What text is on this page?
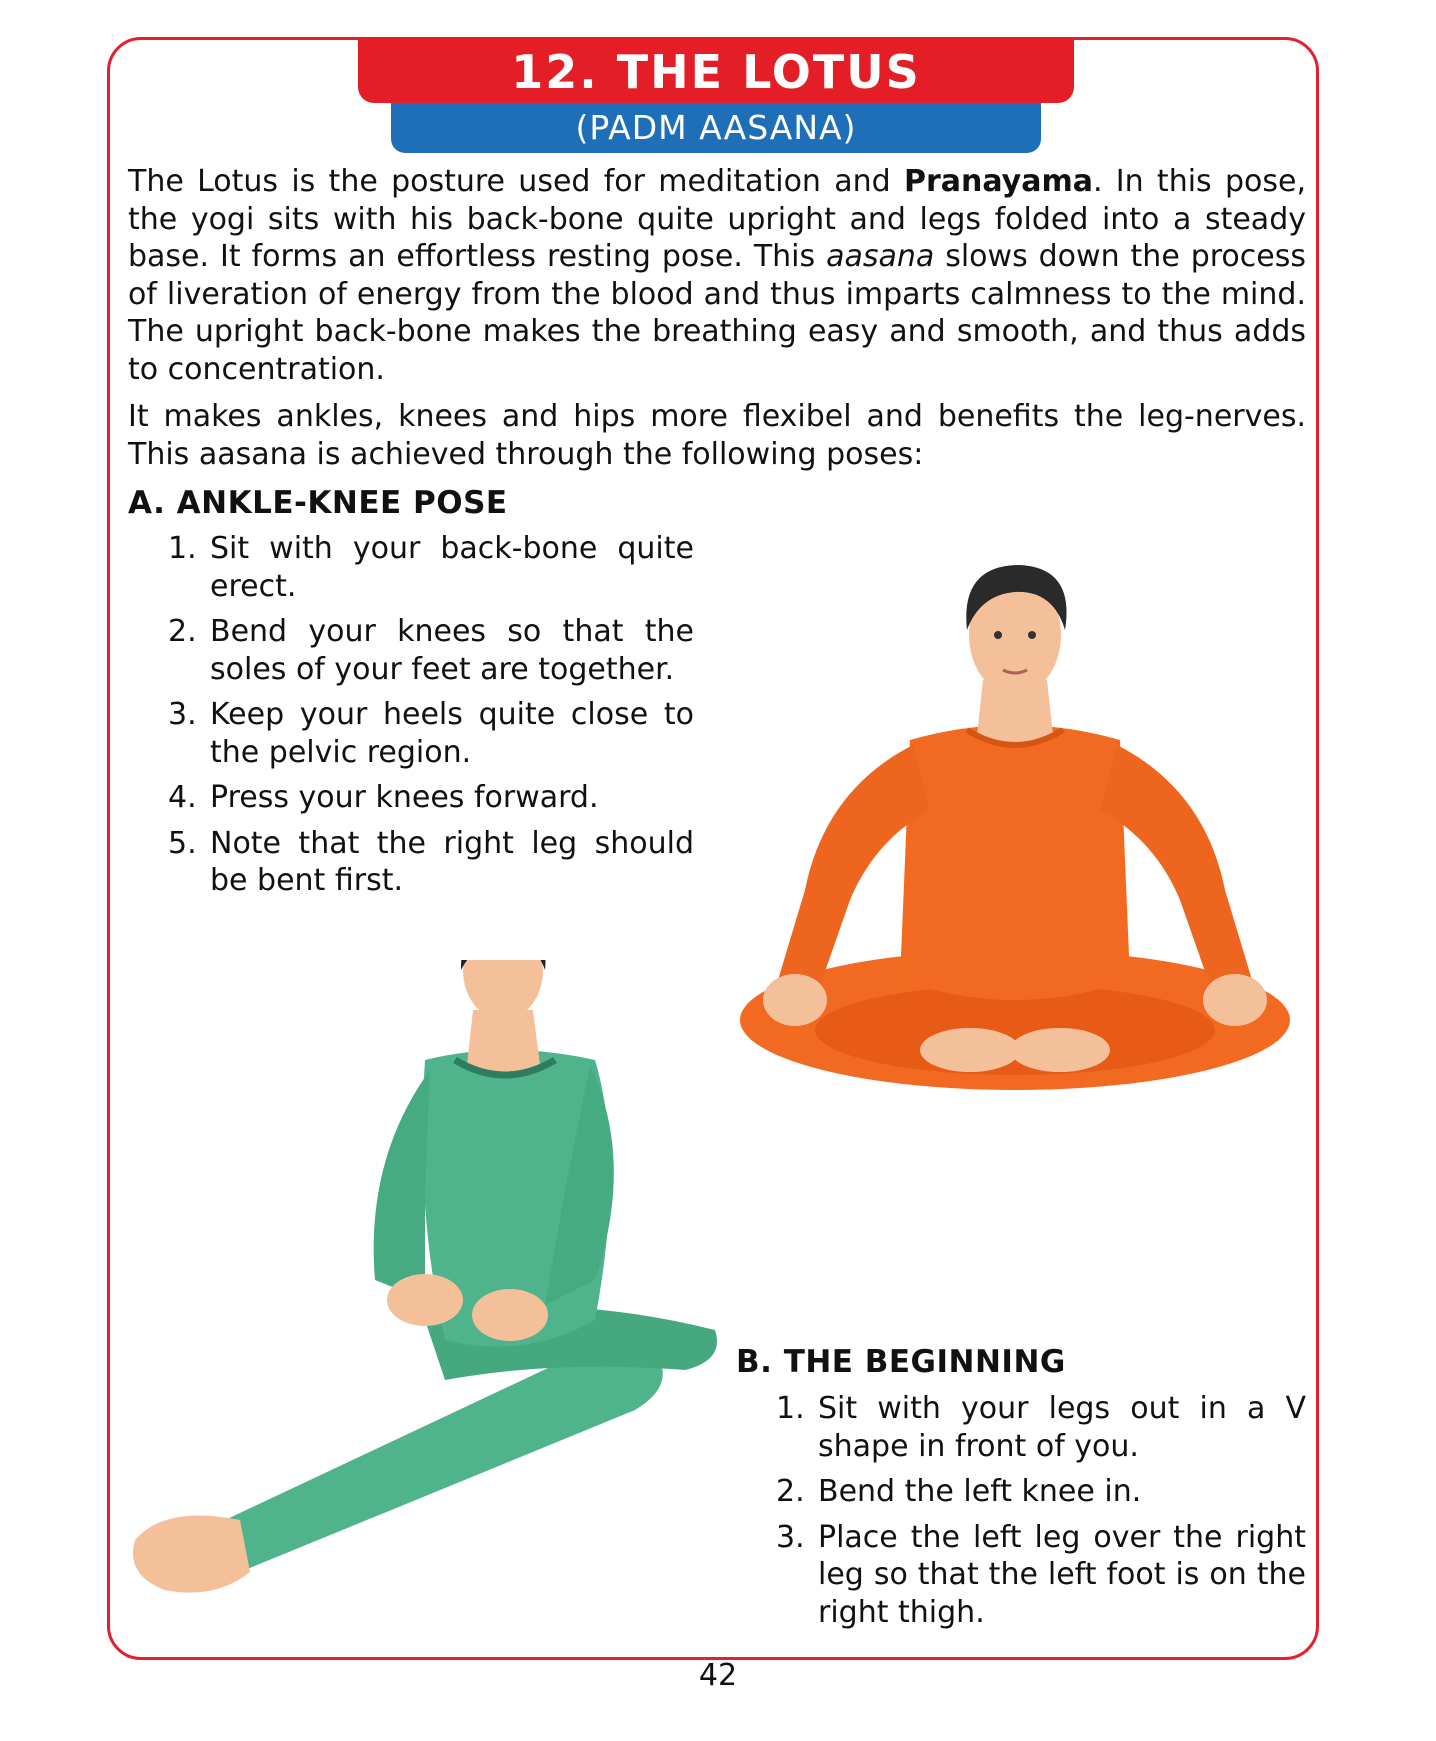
12. THE LOTUS
(PADM AASANA)

The Lotus is the posture used for meditation and Pranayama. In this pose, the yogi sits with his back-bone quite upright and legs folded into a steady base. It forms an effortless resting pose. This aasana slows down the process of liveration of energy from the blood and thus imparts calmness to the mind. The upright back-bone makes the breathing easy and smooth, and thus adds to concentration.

It makes ankles, knees and hips more flexibel and benefits the leg-nerves. This aasana is achieved through the following poses:

A. ANKLE-KNEE POSE
1. Sit with your back-bone quite erect.
2. Bend your knees so that the soles of your feet are together.
3. Keep your heels quite close to the pelvic region.
4. Press your knees forward.
5. Note that the right leg should be bent first.
B. THE BEGINNING
1. Sit with your legs out in a V shape in front of you.
2. Bend the left knee in.
3. Place the left leg over the right leg so that the left foot is on the right thigh.
42
